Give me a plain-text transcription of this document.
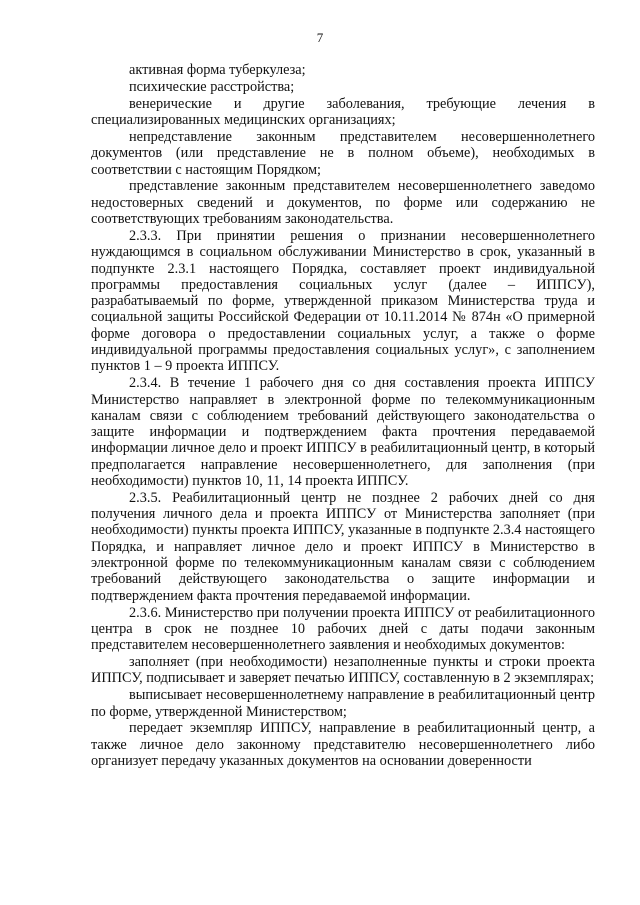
7

активная форма туберкулеза;

психические расстройства;

венерические и другие заболевания, требующие лечения в специализированных медицинских организациях;

непредставление законным представителем несовершеннолетнего документов (или представление не в полном объеме), необходимых в соответствии с настоящим Порядком;

представление законным представителем несовершеннолетнего заведомо недостоверных сведений и документов, по форме или содержанию не соответствующих требованиям законодательства.

2.3.3. При принятии решения о признании несовершеннолетнего нуждающимся в социальном обслуживании Министерство в срок, указанный в подпункте 2.3.1 настоящего Порядка, составляет проект индивидуальной программы предоставления социальных услуг (далее – ИППСУ), разрабатываемый по форме, утвержденной приказом Министерства труда и социальной защиты Российской Федерации от 10.11.2014 № 874н «О примерной форме договора о предоставлении социальных услуг, а также о форме индивидуальной программы предоставления социальных услуг», с заполнением пунктов 1 – 9 проекта ИППСУ.

2.3.4. В течение 1 рабочего дня со дня составления проекта ИППСУ Министерство направляет в электронной форме по телекоммуникационным каналам связи с соблюдением требований действующего законодательства о защите информации и подтверждением факта прочтения передаваемой информации личное дело и проект ИППСУ в реабилитационный центр, в который предполагается направление несовершеннолетнего, для заполнения (при необходимости) пунктов 10, 11, 14 проекта ИППСУ.

2.3.5. Реабилитационный центр не позднее 2 рабочих дней со дня получения личного дела и проекта ИППСУ от Министерства заполняет (при необходимости) пункты проекта ИППСУ, указанные в подпункте 2.3.4 настоящего Порядка, и направляет личное дело и проект ИППСУ в Министерство в электронной форме по телекоммуникационным каналам связи с соблюдением требований действующего законодательства о защите информации и подтверждением факта прочтения передаваемой информации.

2.3.6. Министерство при получении проекта ИППСУ от реабилитационного центра в срок не позднее 10 рабочих дней с даты подачи законным представителем несовершеннолетнего заявления и необходимых документов:

заполняет (при необходимости) незаполненные пункты и строки проекта ИППСУ, подписывает и заверяет печатью ИППСУ, составленную в 2 экземплярах;

выписывает несовершеннолетнему направление в реабилитационный центр по форме, утвержденной Министерством;

передает экземпляр ИППСУ, направление в реабилитационный центр, а также личное дело законному представителю несовершеннолетнего либо организует передачу указанных документов на основании доверенности
